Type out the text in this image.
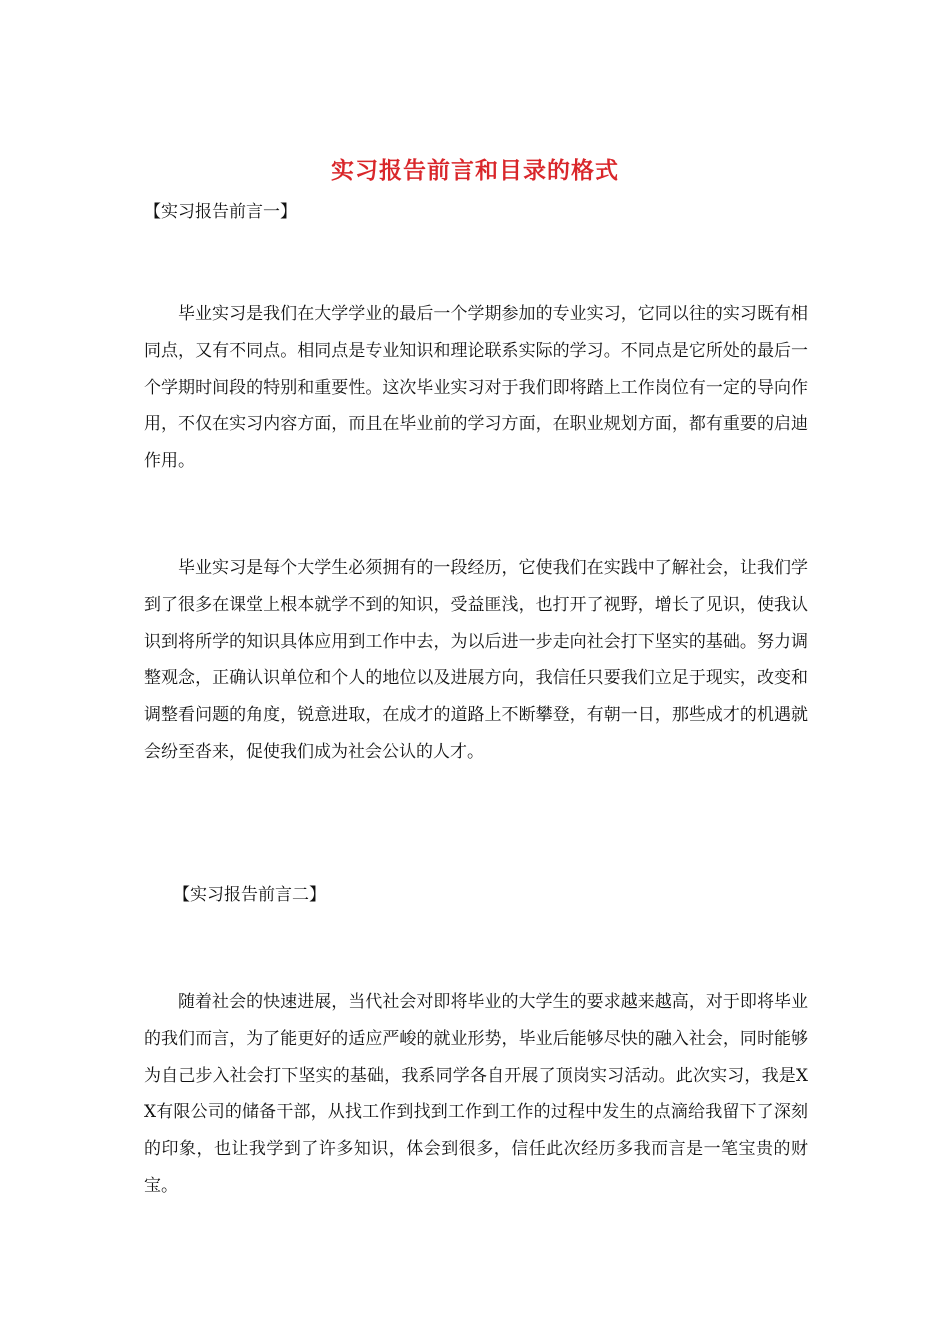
实习报告前言和目录的格式

【实习报告前言一】

毕业实习是我们在大学学业的最后一个学期参加的专业实习，它同以往的实习既有相同点，又有不同点。相同点是专业知识和理论联系实际的学习。不同点是它所处的最后一个学期时间段的特别和重要性。这次毕业实习对于我们即将踏上工作岗位有一定的导向作用，不仅在实习内容方面，而且在毕业前的学习方面，在职业规划方面，都有重要的启迪作用。

毕业实习是每个大学生必须拥有的一段经历，它使我们在实践中了解社会，让我们学到了很多在课堂上根本就学不到的知识，受益匪浅，也打开了视野，增长了见识，使我认识到将所学的知识具体应用到工作中去，为以后进一步走向社会打下坚实的基础。努力调整观念，正确认识单位和个人的地位以及进展方向，我信任只要我们立足于现实，改变和调整看问题的角度，锐意进取，在成才的道路上不断攀登，有朝一日，那些成才的机遇就会纷至沓来，促使我们成为社会公认的人才。

【实习报告前言二】

随着社会的快速进展，当代社会对即将毕业的大学生的要求越来越高，对于即将毕业的我们而言，为了能更好的适应严峻的就业形势，毕业后能够尽快的融入社会，同时能够为自己步入社会打下坚实的基础，我系同学各自开展了顶岗实习活动。此次实习，我是XX有限公司的储备干部，从找工作到找到工作到工作的过程中发生的点滴给我留下了深刻的印象，也让我学到了许多知识，体会到很多，信任此次经历多我而言是一笔宝贵的财宝。
